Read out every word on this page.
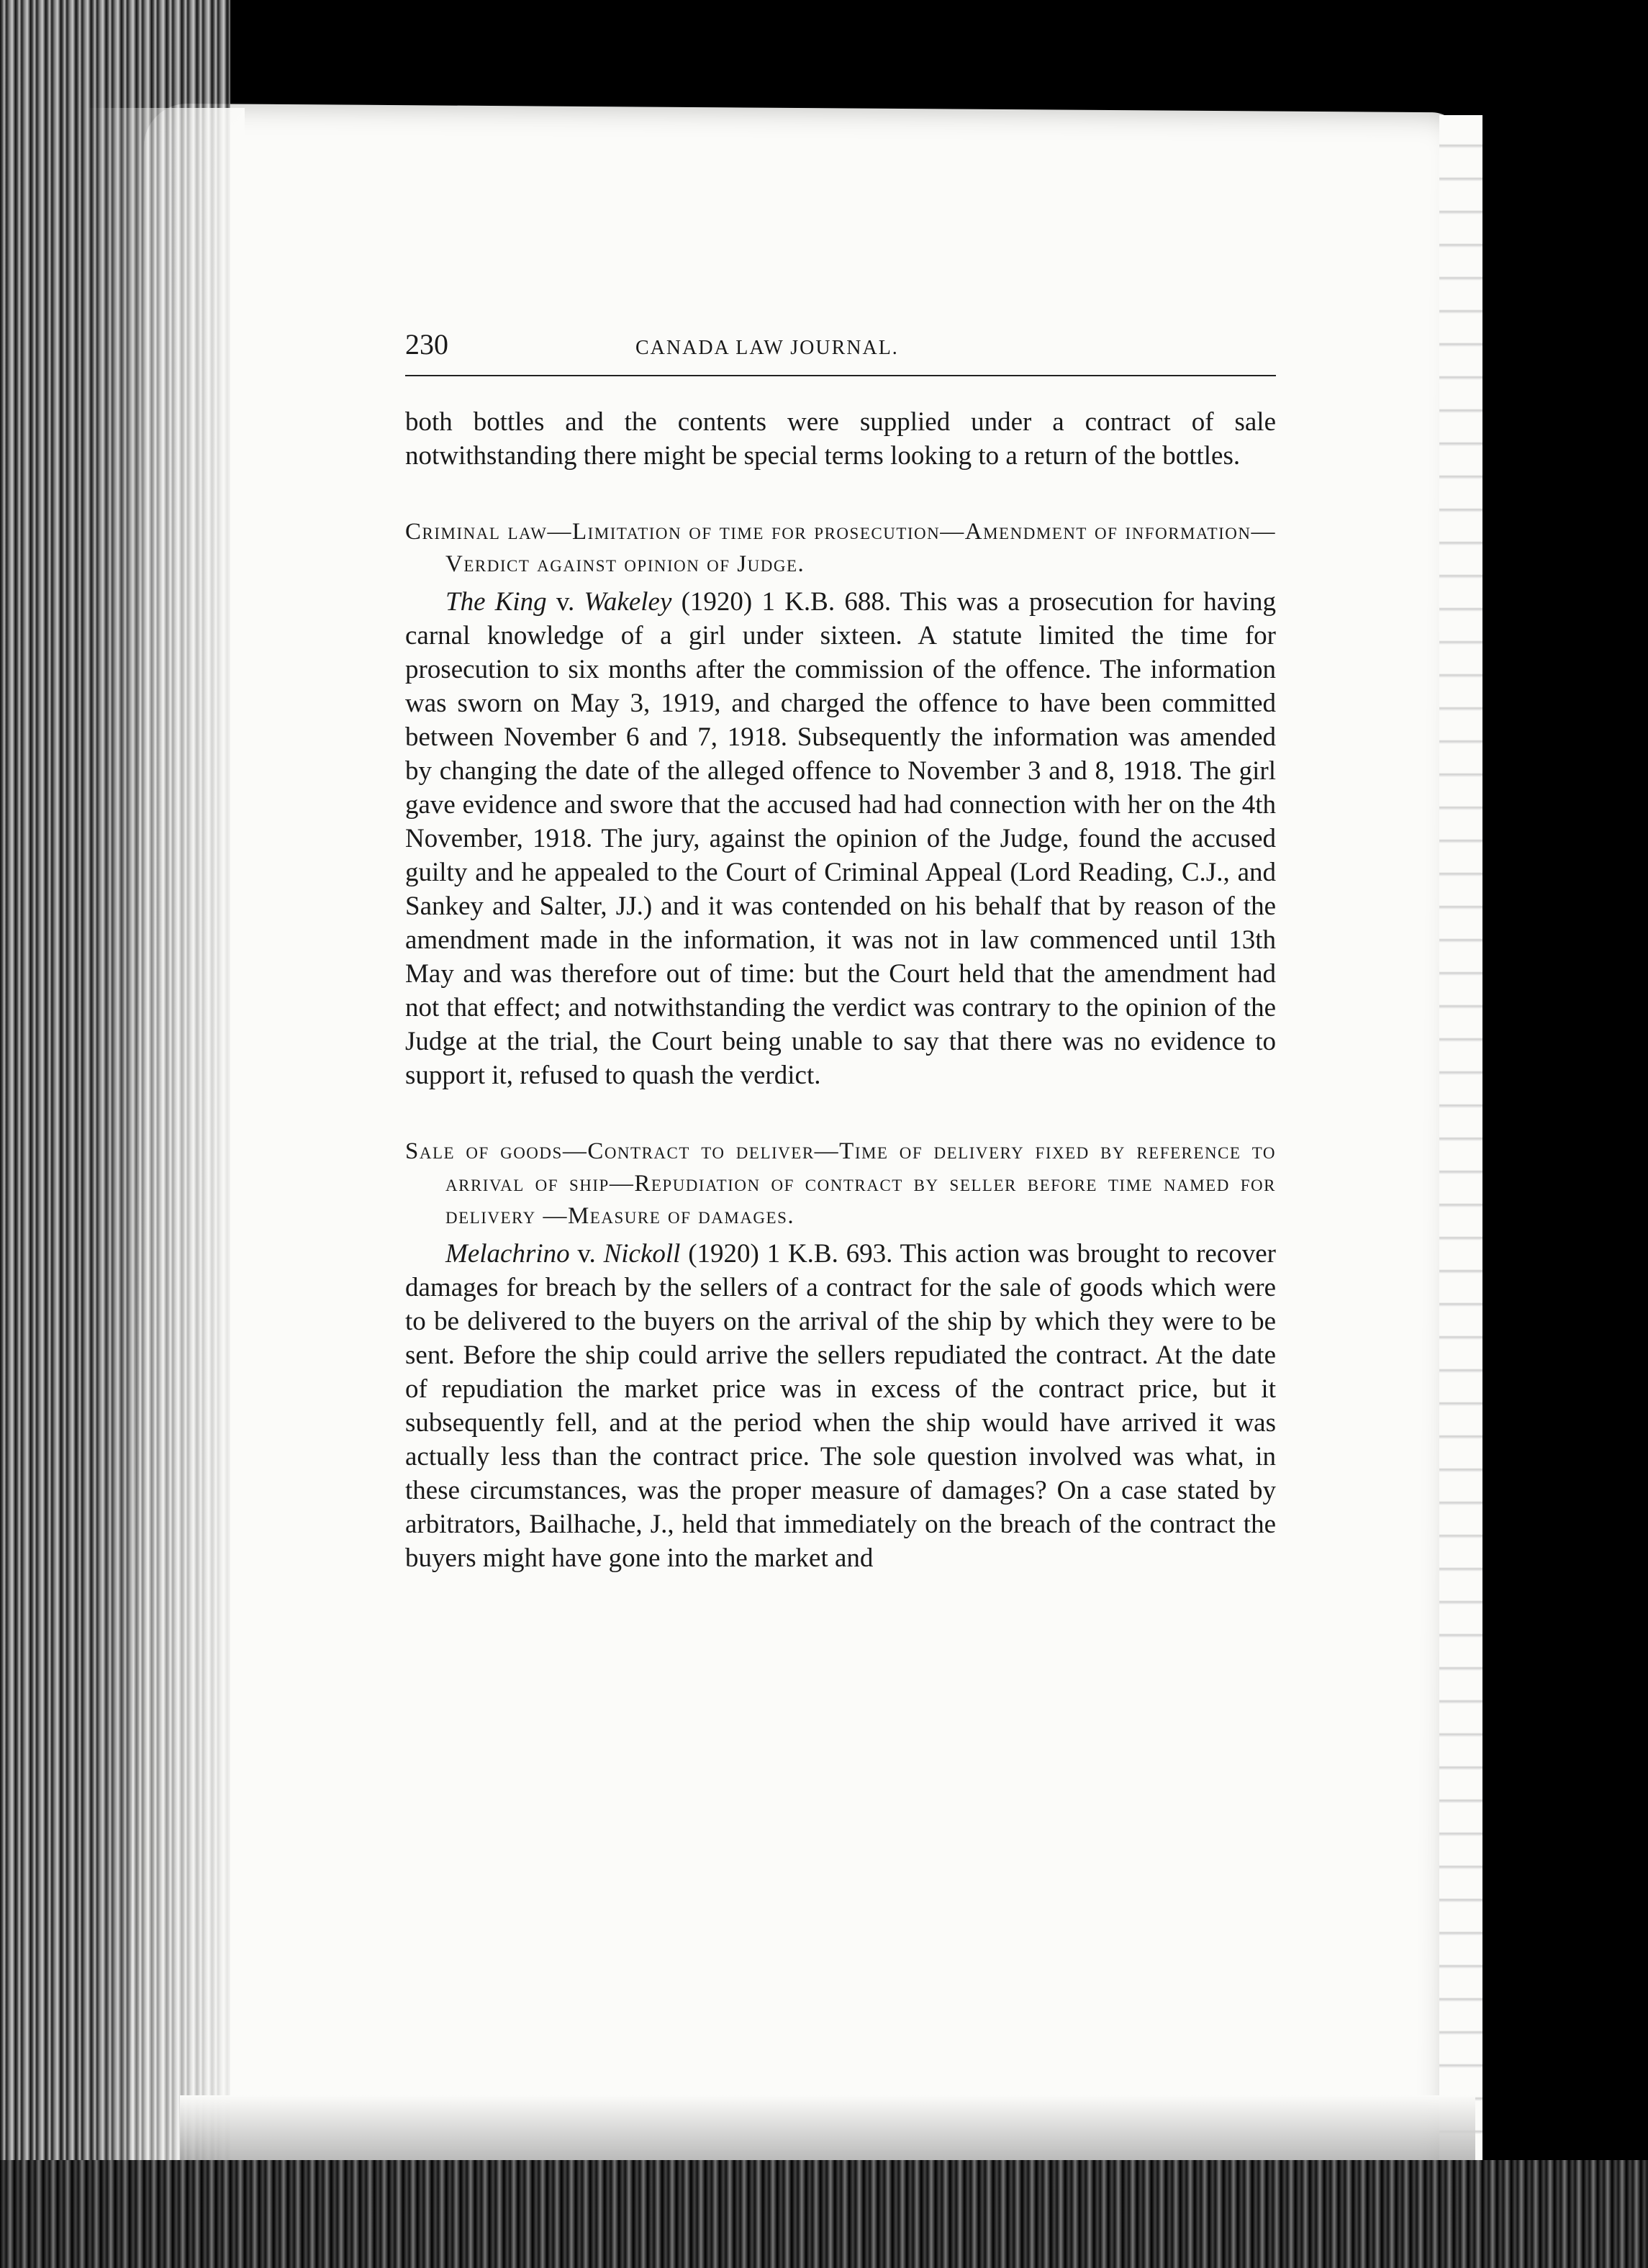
230	CANADA LAW JOURNAL.

both bottles and the contents were supplied under a contract of sale notwithstanding there might be special terms looking to a return of the bottles.

Criminal law—Limitation of time for prosecution—Amendment of information—Verdict against opinion of Judge.

The King v. Wakeley (1920) 1 K.B. 688. This was a prosecution for having carnal knowledge of a girl under sixteen. A statute limited the time for prosecution to six months after the commission of the offence. The information was sworn on May 3, 1919, and charged the offence to have been committed between November 6 and 7, 1918. Subsequently the information was amended by changing the date of the alleged offence to November 3 and 8, 1918. The girl gave evidence and swore that the accused had had connection with her on the 4th November, 1918. The jury, against the opinion of the Judge, found the accused guilty and he appealed to the Court of Criminal Appeal (Lord Reading, C.J., and Sankey and Salter, JJ.) and it was contended on his behalf that by reason of the amendment made in the information, it was not in law commenced until 13th May and was therefore out of time: but the Court held that the amendment had not that effect; and notwithstanding the verdict was contrary to the opinion of the Judge at the trial, the Court being unable to say that there was no evidence to support it, refused to quash the verdict.

Sale of goods—Contract to deliver—Time of delivery fixed by reference to arrival of ship—Repudiation of contract by seller before time named for delivery —Measure of damages.

Melachrino v. Nickoll (1920) 1 K.B. 693. This action was brought to recover damages for breach by the sellers of a contract for the sale of goods which were to be delivered to the buyers on the arrival of the ship by which they were to be sent. Before the ship could arrive the sellers repudiated the contract. At the date of repudiation the market price was in excess of the contract price, but it subsequently fell, and at the period when the ship would have arrived it was actually less than the contract price. The sole question involved was what, in these circumstances, was the proper measure of damages? On a case stated by arbitrators, Bailhache, J., held that immediately on the breach of the contract the buyers might have gone into the market and
